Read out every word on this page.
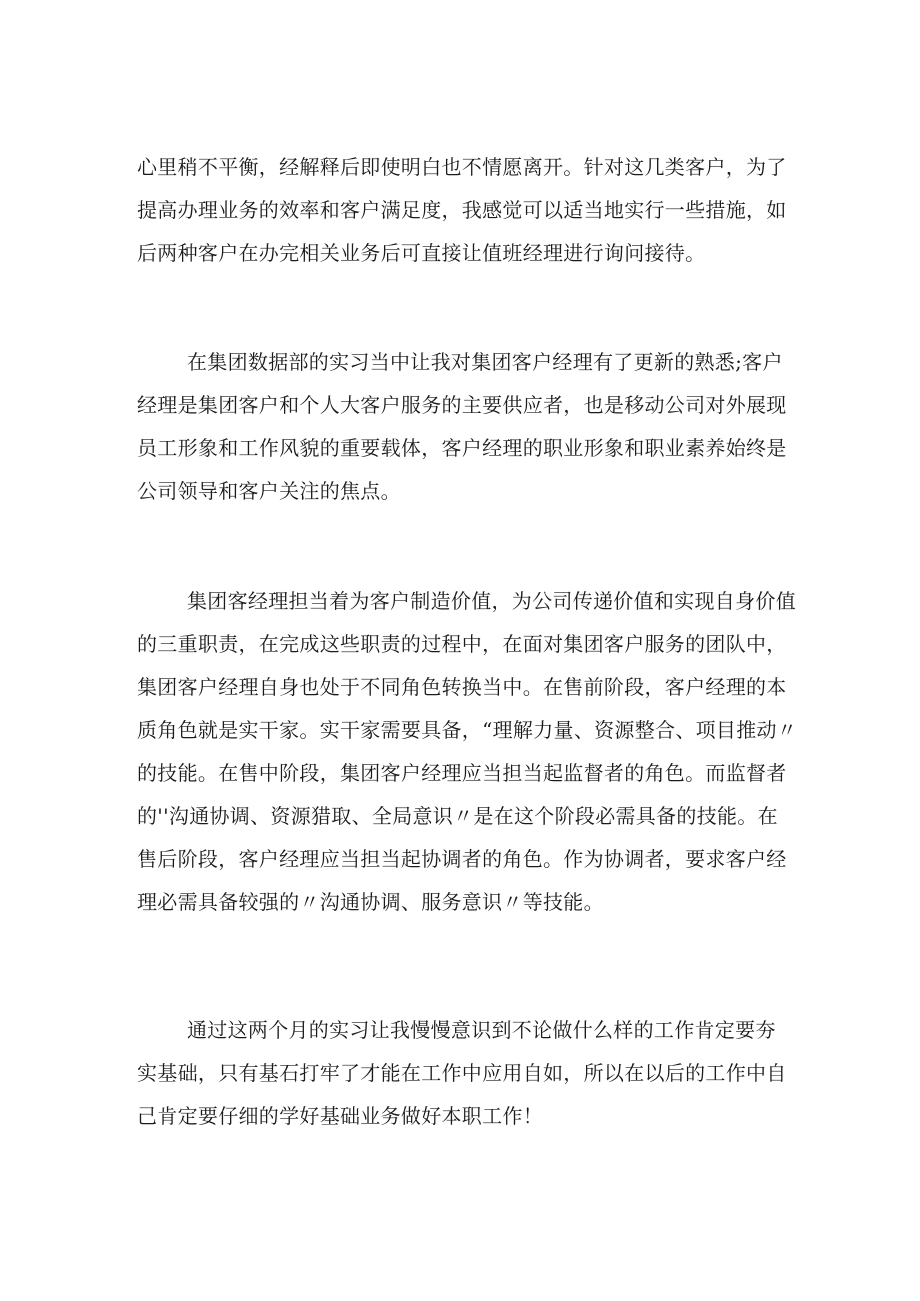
心里稍不平衡，经解释后即使明白也不情愿离开。针对这几类客户，为了
提高办理业务的效率和客户满足度，我感觉可以适当地实行一些措施，如
后两种客户在办完相关业务后可直接让值班经理进行询问接待。

在集团数据部的实习当中让我对集团客户经理有了更新的熟悉;客户
经理是集团客户和个人大客户服务的主要供应者，也是移动公司对外展现
员工形象和工作风貌的重要载体，客户经理的职业形象和职业素养始终是
公司领导和客户关注的焦点。

集团客经理担当着为客户制造价值，为公司传递价值和实现自身价值
的三重职责，在完成这些职责的过程中，在面对集团客户服务的团队中，
集团客户经理自身也处于不同角色转换当中。在售前阶段，客户经理的本
质角色就是实干家。实干家需要具备，“理解力量、资源整合、项目推动〃
的技能。在售中阶段，集团客户经理应当担当起监督者的角色。而监督者
的''沟通协调、资源猎取、全局意识〃是在这个阶段必需具备的技能。在
售后阶段，客户经理应当担当起协调者的角色。作为协调者，要求客户经
理必需具备较强的〃沟通协调、服务意识〃等技能。

通过这两个月的实习让我慢慢意识到不论做什么样的工作肯定要夯
实基础，只有基石打牢了才能在工作中应用自如，所以在以后的工作中自
己肯定要仔细的学好基础业务做好本职工作！
